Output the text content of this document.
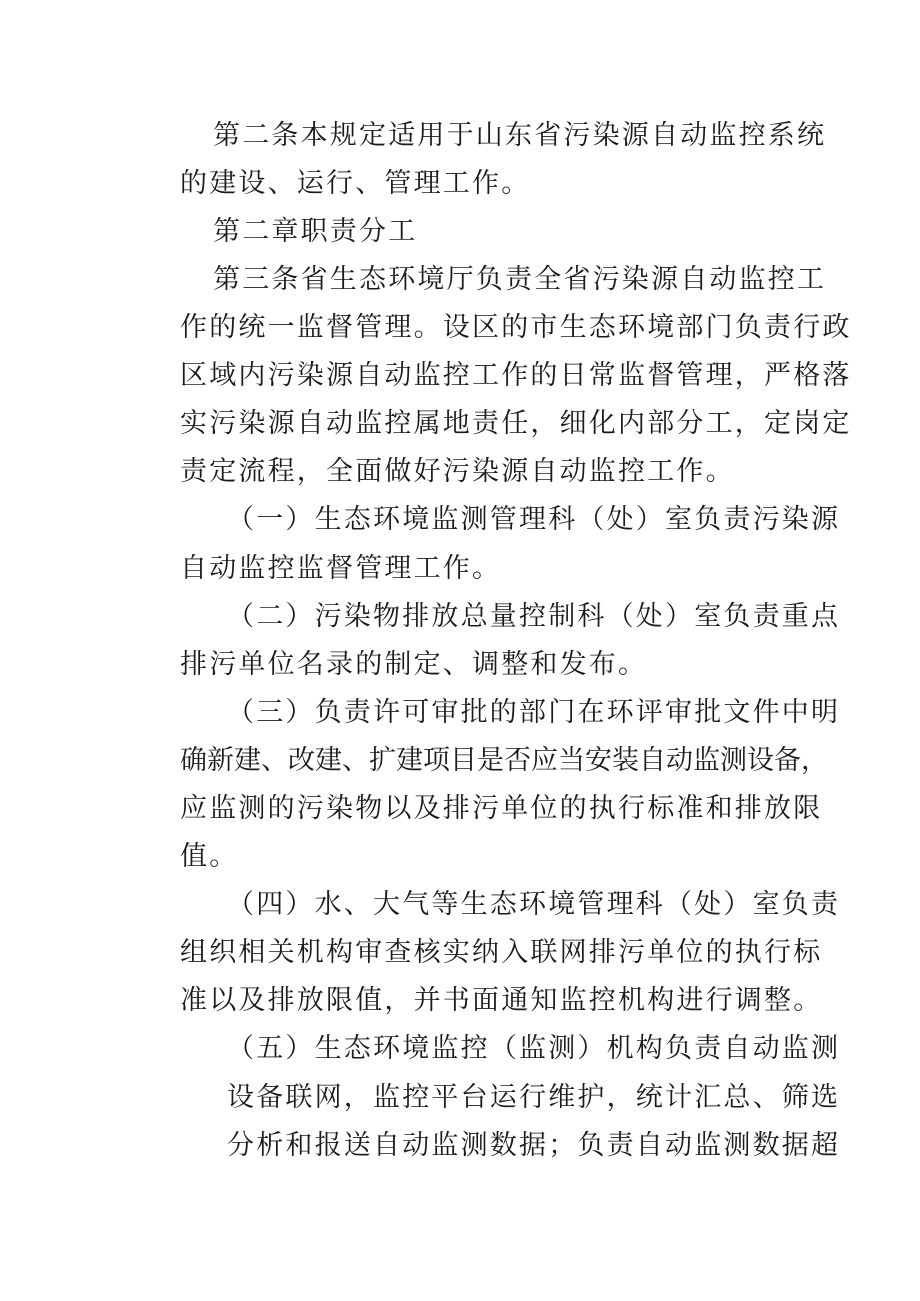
第二条本规定适用于山东省污染源自动监控系统

的建设、运行、管理工作。

第二章职责分工

第三条省生态环境厅负责全省污染源自动监控工

作的统一监督管理。设区的市生态环境部门负责行政

区域内污染源自动监控工作的日常监督管理，严格落

实污染源自动监控属地责任，细化内部分工，定岗定

责定流程，全面做好污染源自动监控工作。

（一）生态环境监测管理科（处）室负责污染源

自动监控监督管理工作。

（二）污染物排放总量控制科（处）室负责重点

排污单位名录的制定、调整和发布。

（三）负责许可审批的部门在环评审批文件中明

确新建、改建、扩建项目是否应当安装自动监测设备，

应监测的污染物以及排污单位的执行标准和排放限

值。

（四）水、大气等生态环境管理科（处）室负责

组织相关机构审查核实纳入联网排污单位的执行标

准以及排放限值，并书面通知监控机构进行调整。

（五）生态环境监控（监测）机构负责自动监测

设备联网，监控平台运行维护，统计汇总、筛选

分析和报送自动监测数据；负责自动监测数据超
